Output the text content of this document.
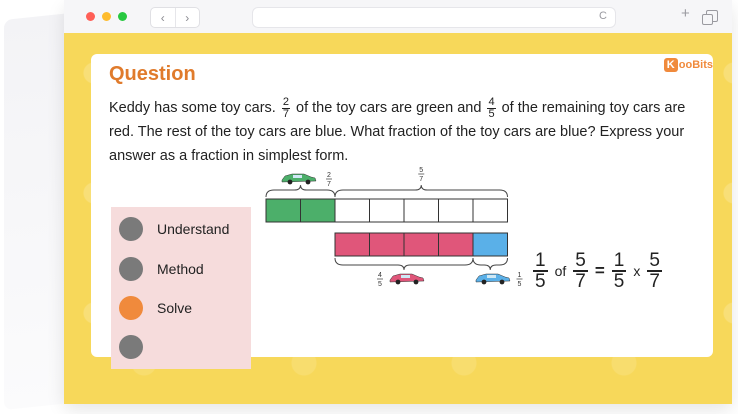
‹	›	C	+
K ooBits
Question
Keddy has some toy cars. $\frac{2}{7}$ of the toy cars are green and $\frac{4}{5}$ of the remaining toy cars are red. The rest of the toy cars are blue. What fraction of the toy cars are blue? Express your answer as a fraction in simplest form.
Understand
Method
Solve
2
7
5
7
4
5
1
$5 \frac{1}{5}$ of $\frac{5}{7} = \frac{1}{5}$ x $\frac{5}{7}$
